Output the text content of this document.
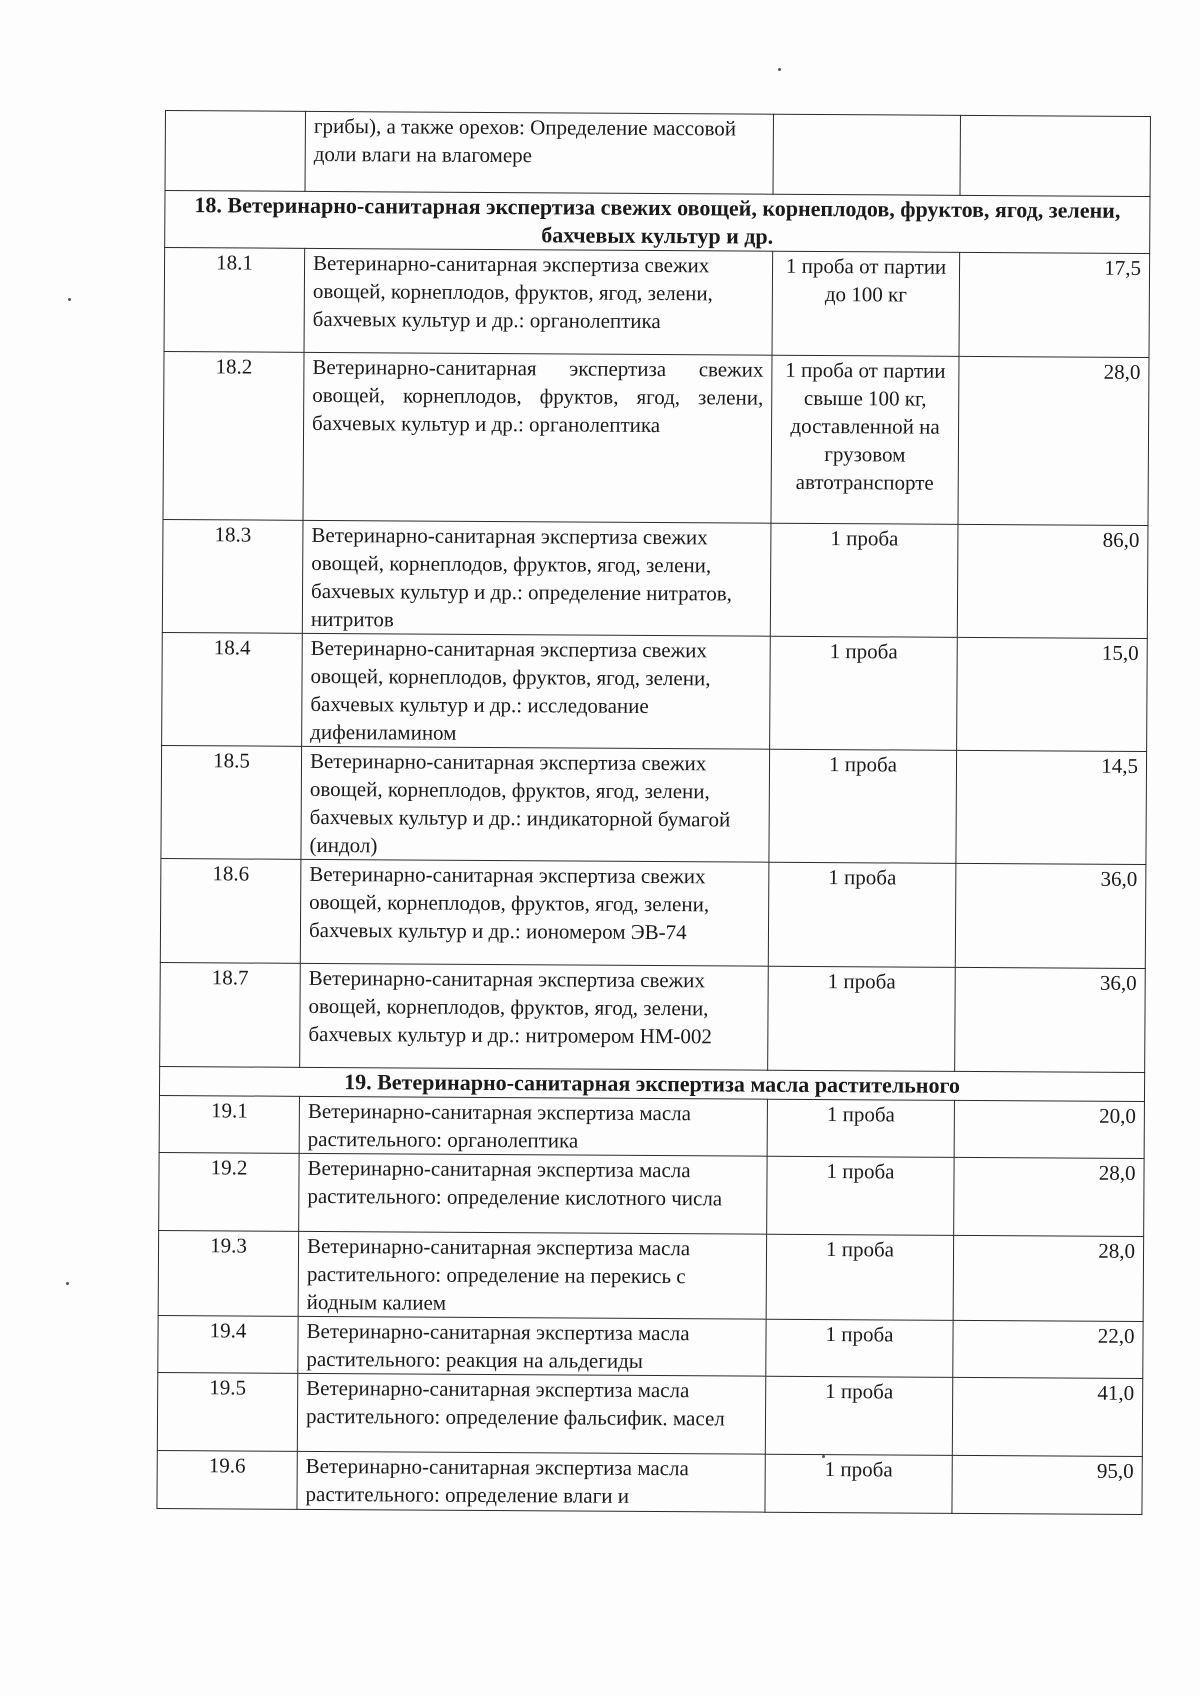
	грибы), а также орехов: Определение массовой доли влаги на влагомере		
18. Ветеринарно-санитарная экспертиза свежих овощей, корнеплодов, фруктов, ягод, зелени, бахчевых культур и др.			
18.1	Ветеринарно-санитарная экспертиза свежих овощей, корнеплодов, фруктов, ягод, зелени, бахчевых культур и др.: органолептика	1 проба от партии до 100 кг	17,5
18.2	Ветеринарно-санитарная экспертиза свежих овощей, корнеплодов, фруктов, ягод, зелени, бахчевых культур и др.: органолептика	1 проба от партии свыше 100 кг, доставленной на грузовом автотранспорте	28,0
18.3	Ветеринарно-санитарная экспертиза свежих овощей, корнеплодов, фруктов, ягод, зелени, бахчевых культур и др.: определение нитратов, нитритов	1 проба	86,0
18.4	Ветеринарно-санитарная экспертиза свежих овощей, корнеплодов, фруктов, ягод, зелени, бахчевых культур и др.: исследование дифениламином	1 проба	15,0
18.5	Ветеринарно-санитарная экспертиза свежих овощей, корнеплодов, фруктов, ягод, зелени, бахчевых культур и др.: индикаторной бумагой (индол)	1 проба	14,5
18.6	Ветеринарно-санитарная экспертиза свежих овощей, корнеплодов, фруктов, ягод, зелени, бахчевых культур и др.: иономером ЭВ-74	1 проба	36,0
18.7	Ветеринарно-санитарная экспертиза свежих овощей, корнеплодов, фруктов, ягод, зелени, бахчевых культур и др.: нитромером НМ-002	1 проба	36,0
19. Ветеринарно-санитарная экспертиза масла растительного			
19.1	Ветеринарно-санитарная экспертиза масла растительного: органолептика	1 проба	20,0
19.2	Ветеринарно-санитарная экспертиза масла растительного: определение кислотного числа	1 проба	28,0
19.3	Ветеринарно-санитарная экспертиза масла растительного: определение на перекись с йодным калием	1 проба	28,0
19.4	Ветеринарно-санитарная экспертиза масла растительного: реакция на альдегиды	1 проба	22,0
19.5	Ветеринарно-санитарная экспертиза масла растительного: определение фальсифик. масел	1 проба	41,0
19.6	Ветеринарно-санитарная экспертиза масла растительного: определение влаги и	1 проба	95,0
